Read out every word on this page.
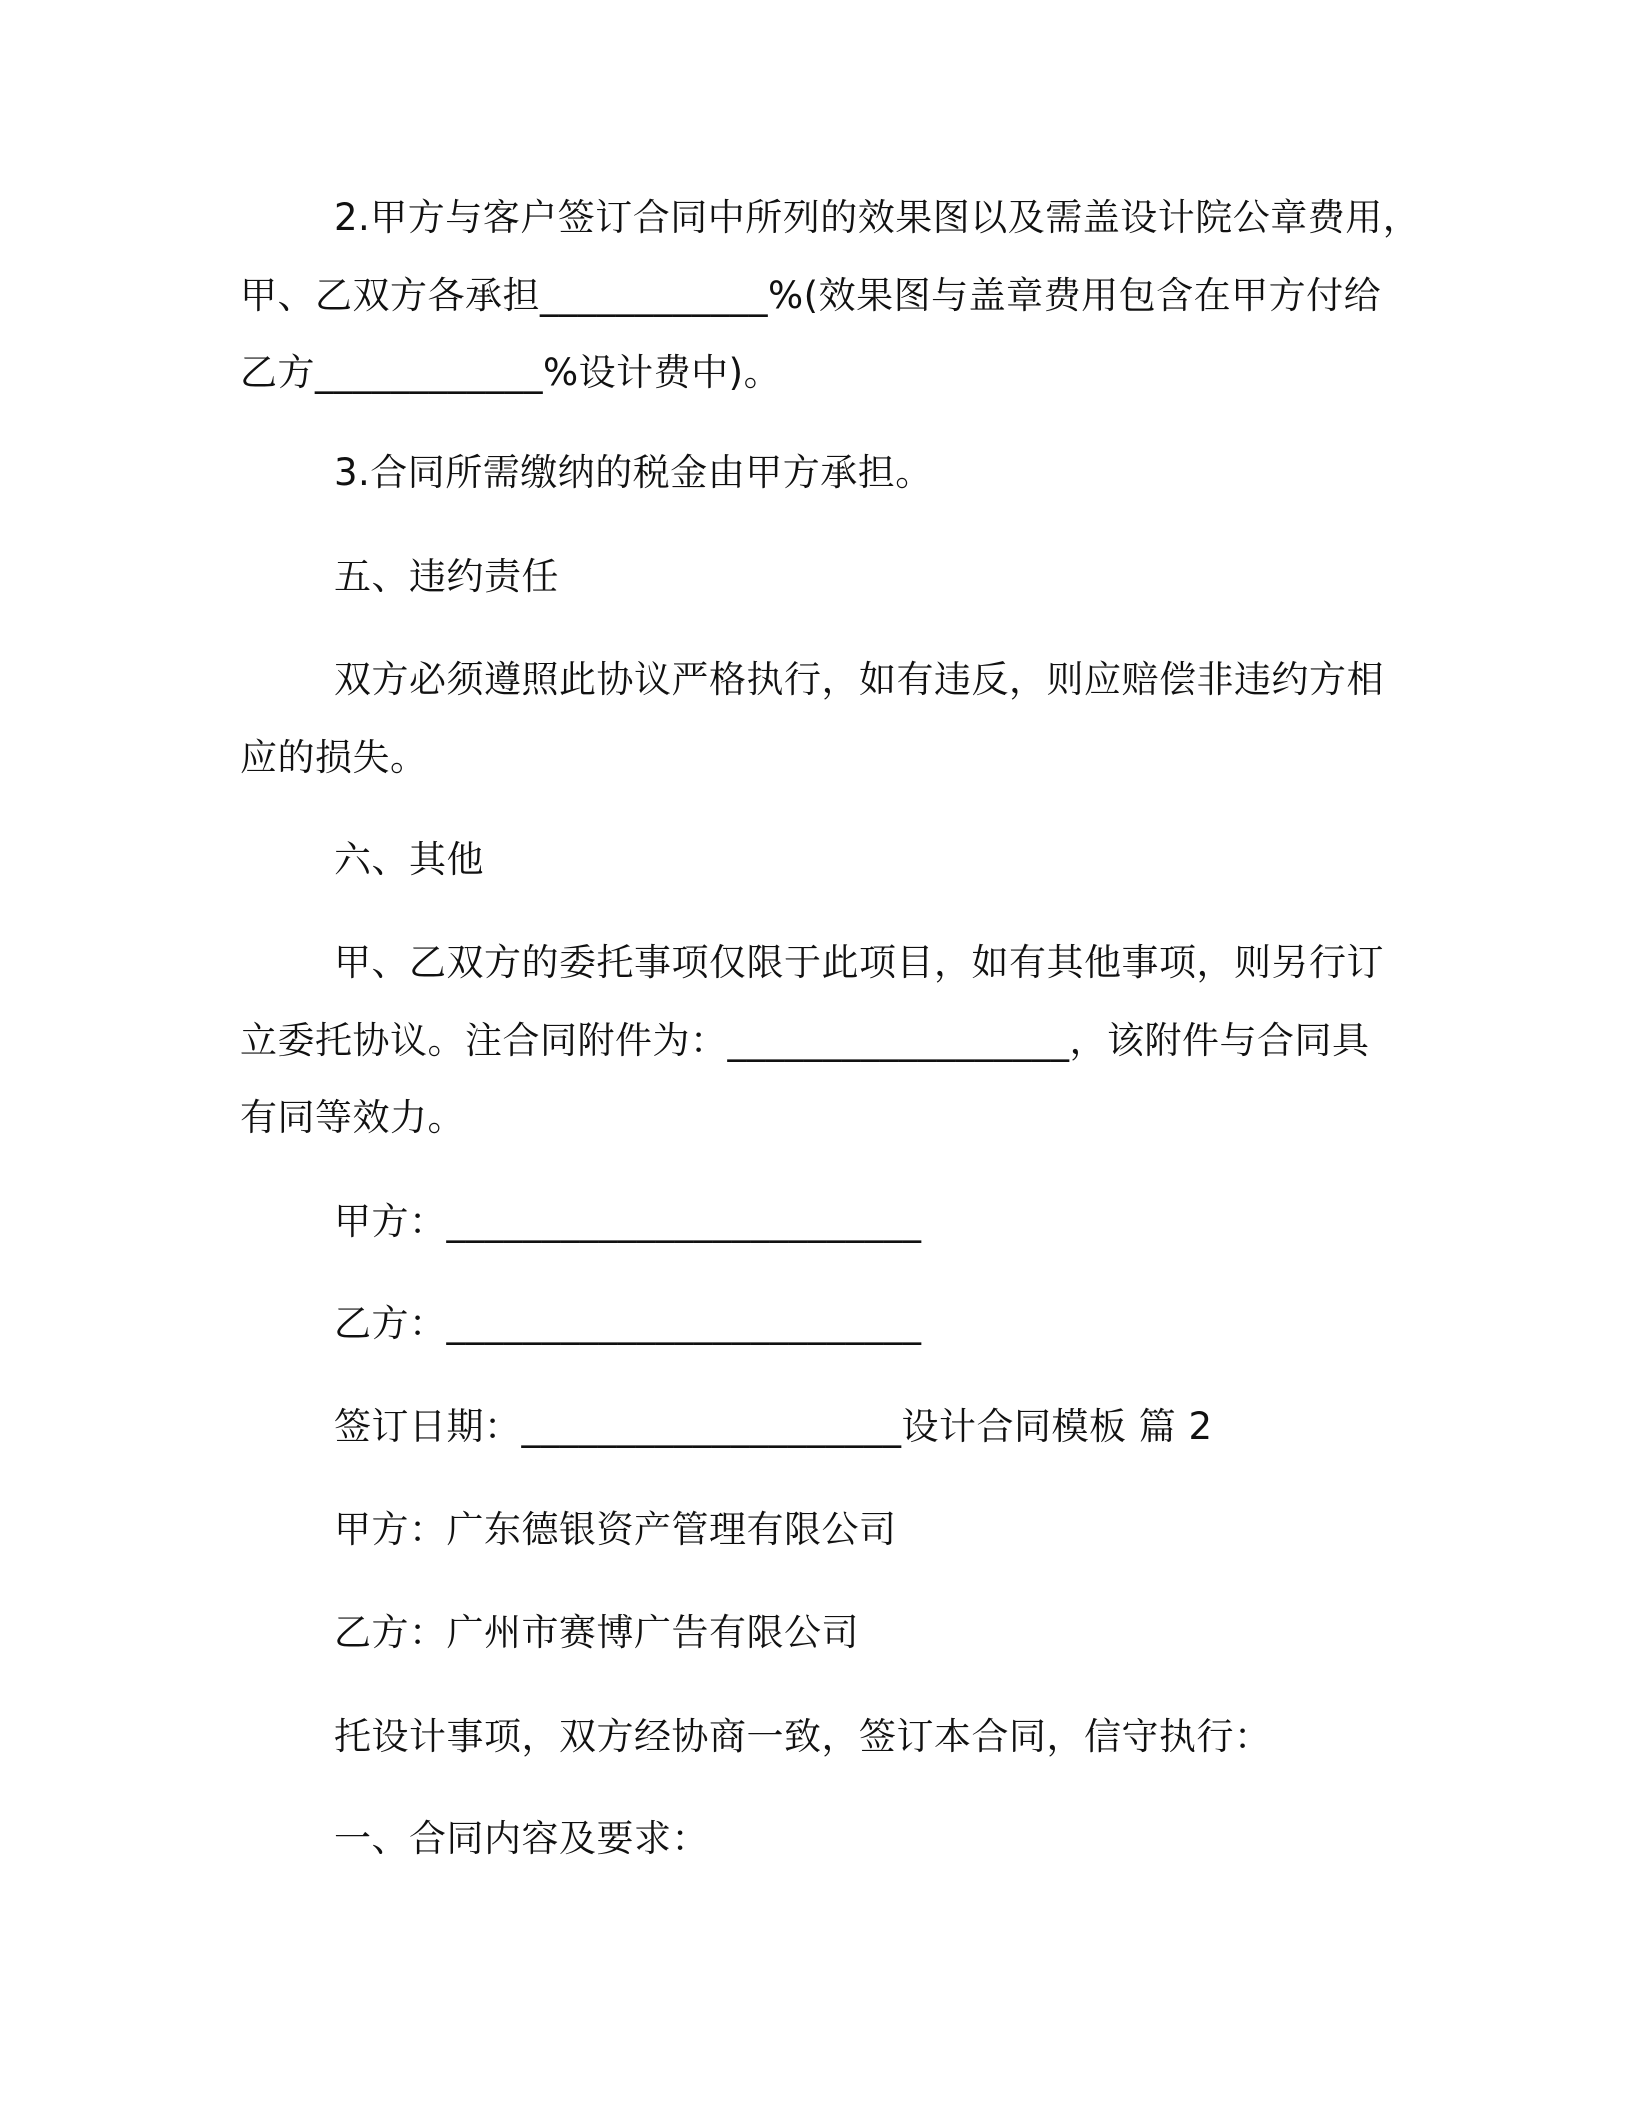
2.甲方与客户签订合同中所列的效果图以及需盖设计院公章费用，
甲、乙双方各承担____________%(效果图与盖章费用包含在甲方付给
乙方____________%设计费中)。
3.合同所需缴纳的税金由甲方承担。
五、违约责任
双方必须遵照此协议严格执行，如有违反，则应赔偿非违约方相
应的损失。
六、其他
甲、乙双方的委托事项仅限于此项目，如有其他事项，则另行订
立委托协议。注合同附件为：__________________，该附件与合同具
有同等效力。
甲方：_________________________
乙方：_________________________
签订日期：____________________设计合同模板 篇 2
甲方：广东德银资产管理有限公司
乙方：广州市赛博广告有限公司
托设计事项，双方经协商一致，签订本合同，信守执行：
一、合同内容及要求：
